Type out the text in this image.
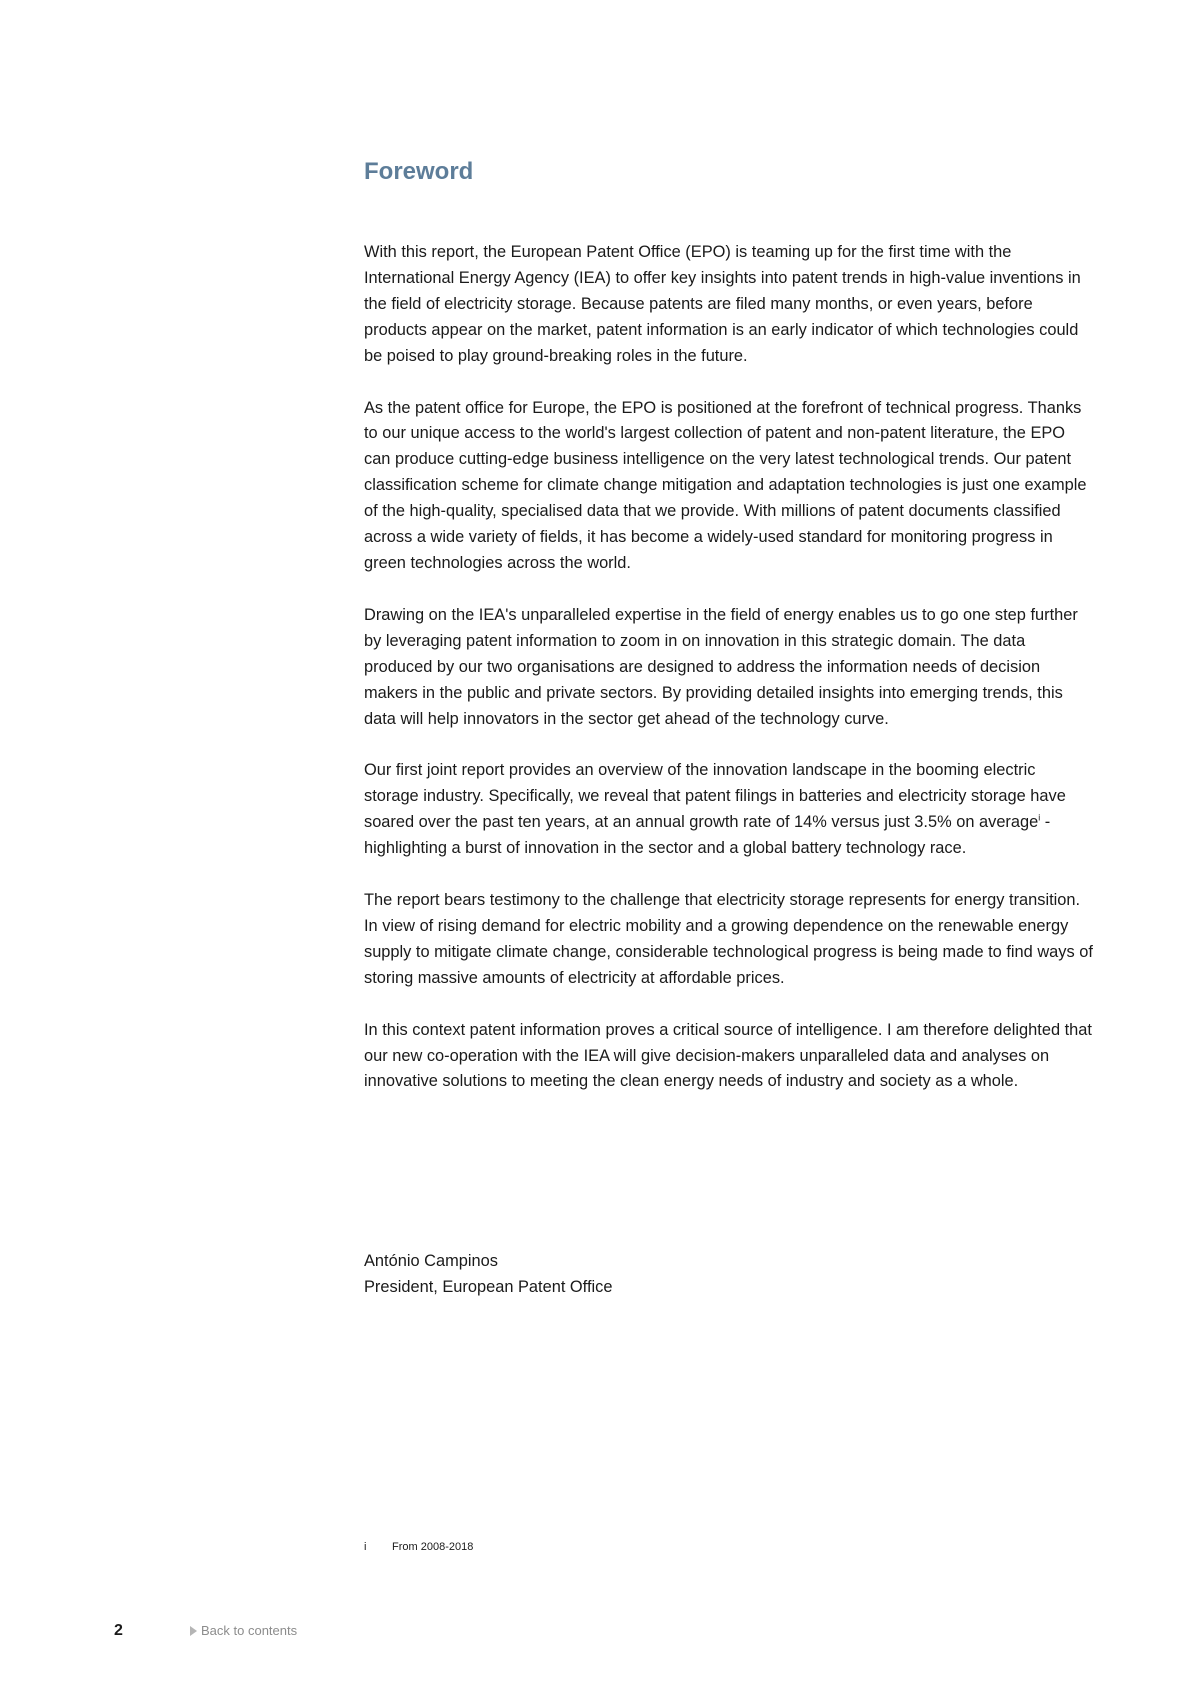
Foreword

With this report, the European Patent Office (EPO) is teaming up for the first time with the International Energy Agency (IEA) to offer key insights into patent trends in high-value inventions in the field of electricity storage. Because patents are filed many months, or even years, before products appear on the market, patent information is an early indicator of which technologies could be poised to play ground-breaking roles in the future.

As the patent office for Europe, the EPO is positioned at the forefront of technical progress. Thanks to our unique access to the world's largest collection of patent and non-patent literature, the EPO can produce cutting-edge business intelligence on the very latest technological trends. Our patent classification scheme for climate change mitigation and adaptation technologies is just one example of the high-quality, specialised data that we provide. With millions of patent documents classified across a wide variety of fields, it has become a widely-used standard for monitoring progress in green technologies across the world.

Drawing on the IEA's unparalleled expertise in the field of energy enables us to go one step further by leveraging patent information to zoom in on innovation in this strategic domain. The data produced by our two organisations are designed to address the information needs of decision makers in the public and private sectors. By providing detailed insights into emerging trends, this data will help innovators in the sector get ahead of the technology curve.

Our first joint report provides an overview of the innovation landscape in the booming electric storage industry. Specifically, we reveal that patent filings in batteries and electricity storage have soared over the past ten years, at an annual growth rate of 14% versus just 3.5% on average$^i$ - highlighting a burst of innovation in the sector and a global battery technology race.

The report bears testimony to the challenge that electricity storage represents for energy transition. In view of rising demand for electric mobility and a growing dependence on the renewable energy supply to mitigate climate change, considerable technological progress is being made to find ways of storing massive amounts of electricity at affordable prices.

In this context patent information proves a critical source of intelligence. I am therefore delighted that our new co-operation with the IEA will give decision-makers unparalleled data and analyses on innovative solutions to meeting the clean energy needs of industry and society as a whole.

António Campinos
President, European Patent Office
i From 2008-2018
2	Back to contents
